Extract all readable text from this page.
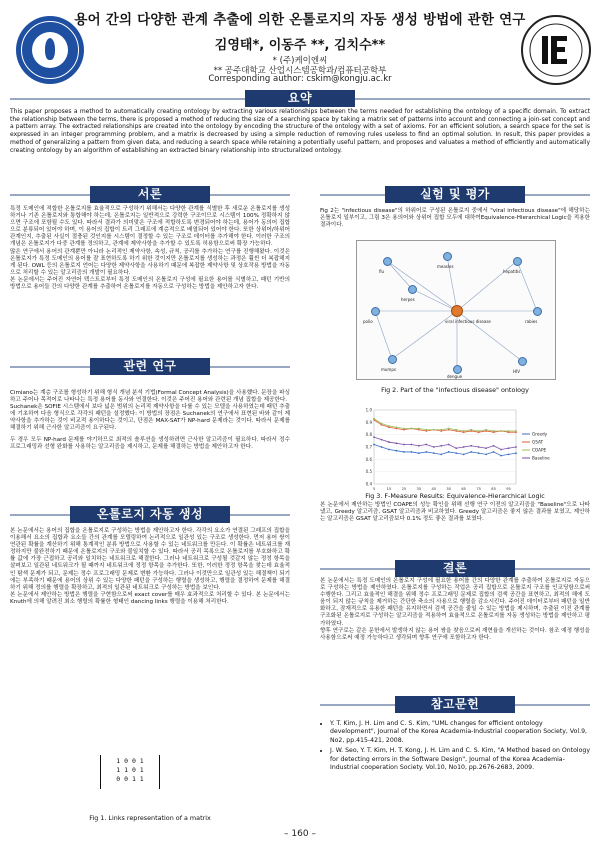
용어 간의 다양한 관계 추출에 의한 온톨로지의 자동 생성 방법에 관한 연구
김영태*, 이동주 **, 김치수**
* (주)케이엔씨
** 공주대학교 산업시스템공학과/컴퓨터공학부
Corresponding author: cskim@kongju.ac.kr
요약
This paper proposes a method to automatically creating ontology by extracting various relationships between the terms needed for establishing the ontology of a specific domain. To extract the relationship between the terms, there is proposed a method of reducing the size of a searching space by taking a matrix set of patterns into account and connecting a join-set concept and a pattern array. The extracted relationships are created into the ontology by encoding the structure of the ontology with a set of axioms. For an efficient solution, a search space for the set is expressed in an integer programming problem, and a matrix is decreased by using a simple reduction of removing rules useless to find an optimal solution. In result, this paper provides a method of generalizing a pattern from given data, and reducing a search space while retaining a potentially useful pattern, and proposes and valuates a method of efficiently and automatically creating ontology by an algorithm of establishing an extracted binary relationship into structuralized ontology.
서론

특정 도메인에 적합한 온톨로지를 효율적으로 구성하기 위해서는 다양한 관계를 식별한 후 새로운 온톨로지를 생성하거나 기존 온톨로지와 통합해야 하는데, 온톨로지는 일반적으로 강력한 구조이므로 시스템이 100% 정확하지 않으면 구조에 포함될 수도 있다. 따라서 결과가 의미맞은 구조에 적합하도록 변경되어야 하는데, 용어가 동의어 집합으로 분류되어 있어야 하며, 이 용어의 집합이 트리 그래프에 계층적으로 배열되어 있어야 한다. 또한 상위어/하위어 관계인지, 추출된 사실이 절충된 것인지를 시스템이 결정할 수 있는 구조로 데이터를 추가해야 한다. 이러한 구조의 개념은 온톨로지가 다중 관계를 정의하고, 관계에 제약사항을 추가할 수 있도록 허용함으로써 확장 가능하다.

많은 연구에서 용어의 관계뿐만 아니라 논리적인 제약사항, 속성, 규칙, 공리를 추가하는 연구를 진행해왔다. 이것은 온톨로지가 특정 도메인의 용어를 잘 표현하도록 하기 위한 것이지만 온톨로지를 생성하는 과정은 훨씬 더 복잡해지게 된다. OWL 등의 온톨로지 언어는 다양한 제약사항을 사용하기 때문에 복잡한 제약사항 및 상호작용 방법을 자동으로 처리할 수 있는 알고리즘의 개발이 필요하다.

본 논문에서는 주어진 자연어 텍스트로부터 특정 도메인의 온톨로지 구성에 필요한 용어를 식별하고, 패턴 기반의 방법으로 용어들 간의 다양한 관계를 추출하여 온톨로지를 자동으로 구성하는 방법을 제안하고자 한다.

관련 연구

Cimiano는 계층 구조를 형성하기 위해 형식 개념 분석 기법(Formal Concept Analysis)을 사용했다. 문장을 파싱하고 주어나 목적어로 나타나는 특정 용어를 동사와 연결한다. 이것은 주어진 용어와 관련된 개념 집합을 제공한다.

Suchanek은 SOFIE 시스템에서 보다 넓은 범위의 논리적 제약사항을 다룰 수 있는 모델을 사용하였는데 패턴 추출에 기초하여 다음 형식으로 각각의 패턴을 설정했다: 이 방법의 장점은 Suchanek의 연구에서 표현된 바와 같이 제약사항을 추가하는 것이 비교적 용이하다는 것이고, 단점은 MAX-SAT가 NP-hard 문제라는 것이다. 따라서 문제를 해결하기 위해 근사한 알고리즘이 요구된다.

두 경우 모두 NP-hard 문제를 야기하므로 최적의 솔루션을 생성하려면 근사한 알고리즘이 필요하다. 따라서 정수 프로그래밍과 선형 완화를 사용하는 알고리즘을 제시하고, 문제를 해결하는 방법을 제안하고자 한다.

온톨로지 자동 생성

본 논문에서는 용어의 집합을 온톨로지로 구성하는 방법을 제안하고자 한다. 각각의 요소가 연결된 그래프의 집합을 이용해서 요소의 집합과 요소들 간의 관계를 모델링하여 논리적으로 일관성 있는 구조로 생성한다. 먼저 용어 쌍이 연관된 확률을 계산하기 위해 통계적인 분류 방법으로 사용할 수 있는 네트워크를 만든다. 이 확률은 네트워크를 재정하지만 불완전하기 때문에 온톨로지의 구조와 불일치할 수 있다. 따라서 공리 목록으로 온톨로지를 부호화하고 확률 값에 가장 근접하고 공리와 일치하는 네트워크로 해결한다. 그러나 네트워크로 구성될 것같지 않는 정정 항목을 살펴보고 일관된 네트워크가 될 때까지 네트워크에 정정 항목을 추가한다. 또한, 이러한 정정 항목을 찾는데 효율적인 탐색 문제가 되고, 문제는 정수 프로그래밍 문제로 변환 가능하다. 그러나 이것만으로 일관성 있는 해결책이 되기에는 부족하기 때문에 용어의 상위 수 있는 다양한 패턴을 구성하는 행렬을 생성하고, 행렬을 결정하여 문제를 해결하기 위해 정의를 행렬을 확장하고, 최적의 일관된 네트워크로 구성하는 방법을 보인다.

본 논문에서 제안하는 방법은 행렬을 구현함으로써 exact cover를 매우 효과적으로 처리할 수 있다. 본 논문에서는 Knuth에 의해 알려진 최소 행렬의 확률한 형태인 dancing links 행렬을 이용해 처리한다.

1 0 0 1
1 1 0 1
0 0 1 1
Fig 1. Links representation of a matrix
실험 및 평가
Fig 2는 "infectious disease"의 하위어로 구성된 온톨로지 중에서 "viral infectious disease"에 해당하는 온톨로지 일부이고, 그림 3은 용의어와 상위어 집합 모두에 대하여Equivalence-Hierarchical Logic을 적용한 결과이다.
viral infectious disease
flu
measles
hepatitis
rabies
HIV
dengue
mumps
polio
herpes
Fig 2. Part of the "infectious disease" ontology
0.4
0.5
0.6
0.7
0.8
0.9
1.0
5	15	25	35	45	55	65	75	85	95
Greedy
GSAT
COAPE
Baseline
Fig 3. F-Measure Results: Equivalence-Hierarchical Logic
본 논문에서 제안하는 방법인 COAPE의 성능 확인을 위해 선행 연구 이전의 알고리즘을 "Baseline"으로 나타냈고, Greedy 알고리즘, GSAT 알고리즘과 비교하였다. Greedy 알고리즘은 좋지 않은 결과를 보였고, 제안하는 알고리즘은 GSAT 알고리즘보다 0.1% 정도 좋은 결과를 보였다.
결론

본 논문에서는 특정 도메인의 온톨로지 구성에 필요한 용어를 간의 다양한 관계를 추출하여 온톨로지로 자동으로 구성하는 방법을 제안하였다. 온톨로지를 구성하는 작업은 공리 집합으로 온톨로지 구조를 인코딩함으로써 수행한다. 그리고 효율적인 해결을 위해 정수 프로그래밍 문제로 집합의 검색 공간을 표현하고, 최적의 해에 도움이 되지 않는 규칙을 제거하는 간단한 축소의 사용으로 행렬을 감소시킨다. 주어진 데이터로부터 패턴을 일반화하고, 잠재적으로 유용한 패턴을 유지하면서 검색 공간을 줄일 수 있는 방법을 제시하며, 추출된 이진 관계를 구조화된 온톨로지로 구성하는 알고리즘을 적용하여 효율적으로 온톨로지를 자동 생성하는 방법을 제안하고 평가하였다.

향후 연구로는 같은 문헌에서 발생하지 않는 용어 쌍을 찾음으로써 재현율을 개선하는 것이다. 참조 예정 행성을 사용함으로써 예정 가능하다고 생각되며 향후 연구에 포함하고자 한다.

참고문헌
• Y. T. Kim, J. H. Lim and C. S. Kim, "UML changes for efficient ontology development", Journal of the Korea Academia-Industrial cooperation Society, Vol.9, No2, pp.415-421, 2008.
• J. W. Seo, Y. T. Kim, H. T. Kong, J. H. Lim and C. S. Kim, "A Method based on Ontology for detecting errors in the Software Design", Journal of the Korea Academia-Industrial cooperation Society. Vol.10, No10, pp.2676-2683, 2009.
– 160 –
